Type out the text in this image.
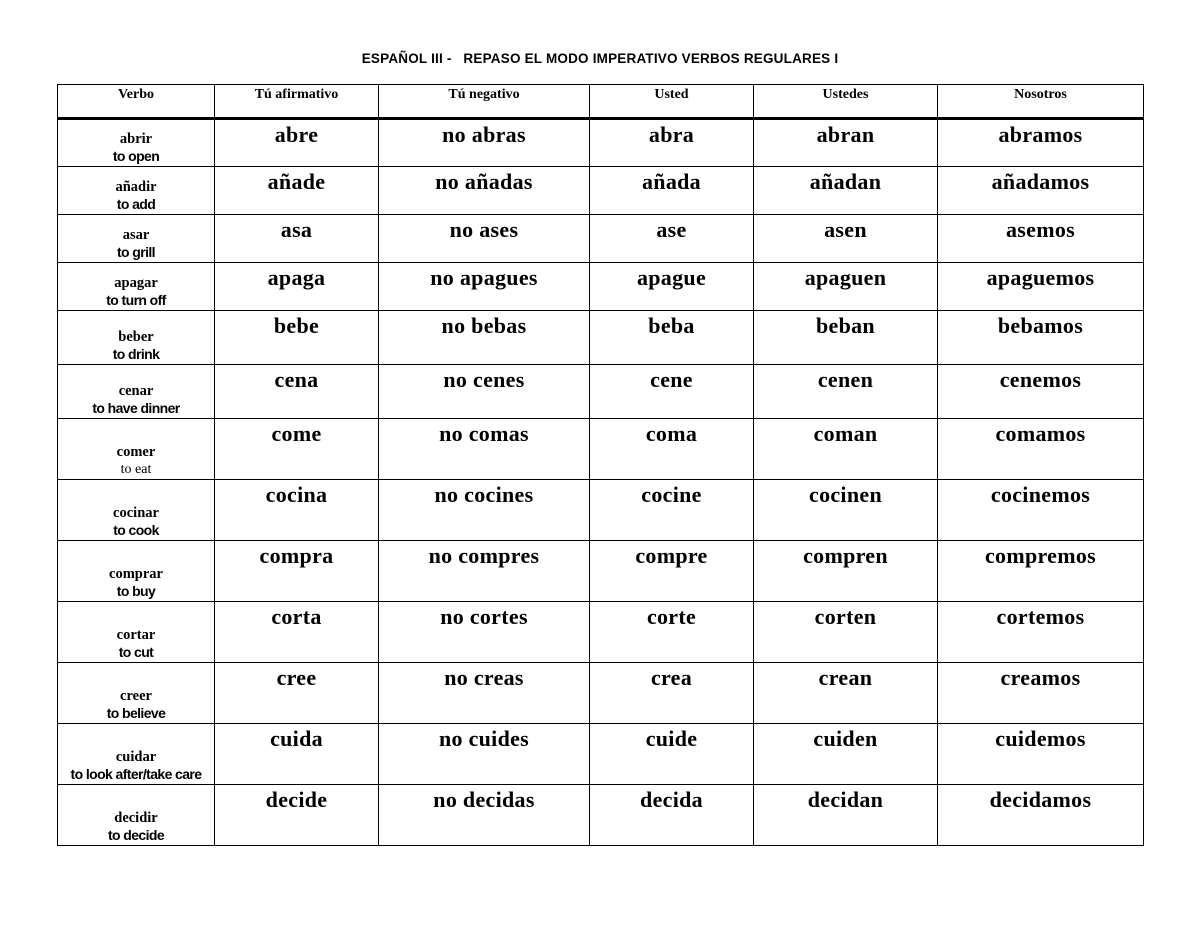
ESPAÑOL III -   REPASO EL MODO IMPERATIVO VERBOS REGULARES I
Verbo	Tú afirmativo	Tú negativo	Usted	Ustedes	Nosotros

abrir
to open	abre	no abras	abra	abran	abramos

añadir
to add	añade	no añadas	añada	añadan	añadamos

asar
to grill	asa	no ases	ase	asen	asemos

apagar
to turn off	apaga	no apagues	apague	apaguen	apaguemos

beber
to drink	bebe	no bebas	beba	beban	bebamos

cenar
to have dinner	cena	no cenes	cene	cenen	cenemos

comer
to eat	come	no comas	coma	coman	comamos

cocinar
to cook	cocina	no cocines	cocine	cocinen	cocinemos

comprar
to buy	compra	no compres	compre	compren	compremos

cortar
to cut	corta	no cortes	corte	corten	cortemos

creer
to believe	cree	no creas	crea	crean	creamos

cuidar
to look after/take care	cuida	no cuides	cuide	cuiden	cuidemos

decidir
to decide	decide	no decidas	decida	decidan	decidamos
